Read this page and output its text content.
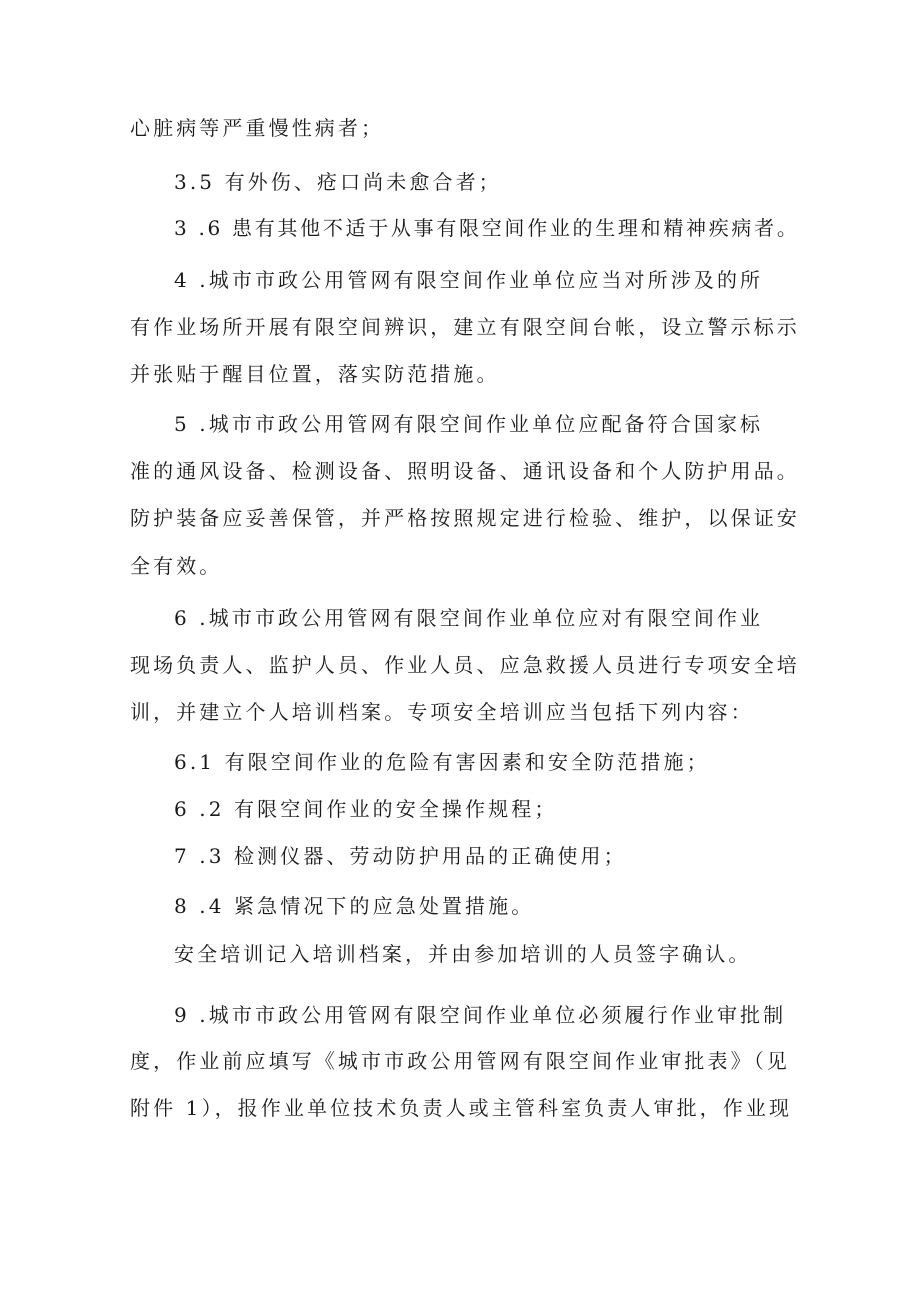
心脏病等严重慢性病者；
3.5 有外伤、疮口尚未愈合者；
3 .6 患有其他不适于从事有限空间作业的生理和精神疾病者。
4 .城市市政公用管网有限空间作业单位应当对所涉及的所
有作业场所开展有限空间辨识，建立有限空间台帐，设立警示标示
并张贴于醒目位置，落实防范措施。
5 .城市市政公用管网有限空间作业单位应配备符合国家标
准的通风设备、检测设备、照明设备、通讯设备和个人防护用品。
防护装备应妥善保管，并严格按照规定进行检验、维护，以保证安
全有效。
6 .城市市政公用管网有限空间作业单位应对有限空间作业
现场负责人、监护人员、作业人员、应急救援人员进行专项安全培
训，并建立个人培训档案。专项安全培训应当包括下列内容：
6.1 有限空间作业的危险有害因素和安全防范措施；
6 .2 有限空间作业的安全操作规程；
7 .3 检测仪器、劳动防护用品的正确使用；
8 .4 紧急情况下的应急处置措施。
安全培训记入培训档案，并由参加培训的人员签字确认。
9 .城市市政公用管网有限空间作业单位必须履行作业审批制
度，作业前应填写《城市市政公用管网有限空间作业审批表》（见
附件 1），报作业单位技术负责人或主管科室负责人审批，作业现
